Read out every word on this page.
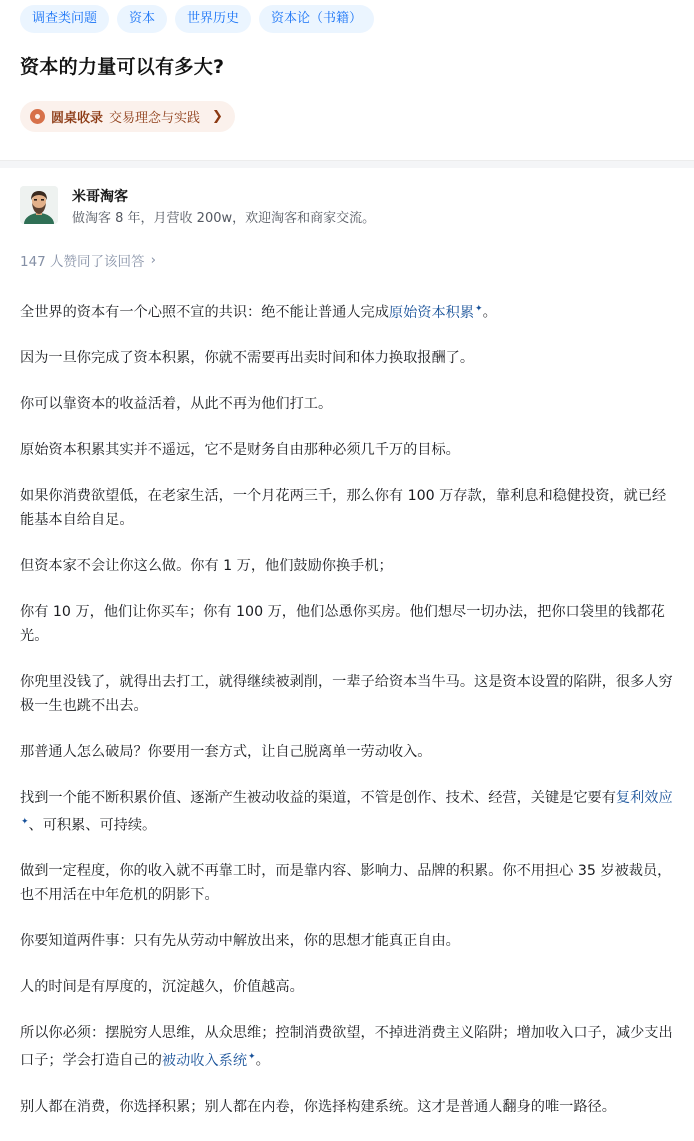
调查类问题	资本	世界历史	资本论（书籍）
资本的力量可以有多大?
圆桌收录 交易理念与实践 ❯
米哥淘客
做淘客 8 年，月营收 200w，欢迎淘客和商家交流。
147 人赞同了该回答 ›

全世界的资本有一个心照不宣的共识：绝不能让普通人完成原始资本积累✦。

因为一旦你完成了资本积累，你就不需要再出卖时间和体力换取报酬了。

你可以靠资本的收益活着，从此不再为他们打工。

原始资本积累其实并不遥远，它不是财务自由那种必须几千万的目标。

如果你消费欲望低，在老家生活，一个月花两三千，那么你有 100 万存款，靠利息和稳健投资，就已经能基本自给自足。

但资本家不会让你这么做。你有 1 万，他们鼓励你换手机；

你有 10 万，他们让你买车；你有 100 万，他们怂恿你买房。他们想尽一切办法，把你口袋里的钱都花光。

你兜里没钱了，就得出去打工，就得继续被剥削，一辈子给资本当牛马。这是资本设置的陷阱，很多人穷极一生也跳不出去。

那普通人怎么破局？你要用一套方式，让自己脱离单一劳动收入。

找到一个能不断积累价值、逐渐产生被动收益的渠道，不管是创作、技术、经营，关键是它要有复利效应✦、可积累、可持续。

做到一定程度，你的收入就不再靠工时，而是靠内容、影响力、品牌的积累。你不用担心 35 岁被裁员，也不用活在中年危机的阴影下。

你要知道两件事：只有先从劳动中解放出来，你的思想才能真正自由。

人的时间是有厚度的，沉淀越久，价值越高。

所以你必须：摆脱穷人思维，从众思维；控制消费欲望，不掉进消费主义陷阱；增加收入口子，减少支出口子；学会打造自己的被动收入系统✦。

别人都在消费，你选择积累；别人都在内卷，你选择构建系统。这才是普通人翻身的唯一路径。
